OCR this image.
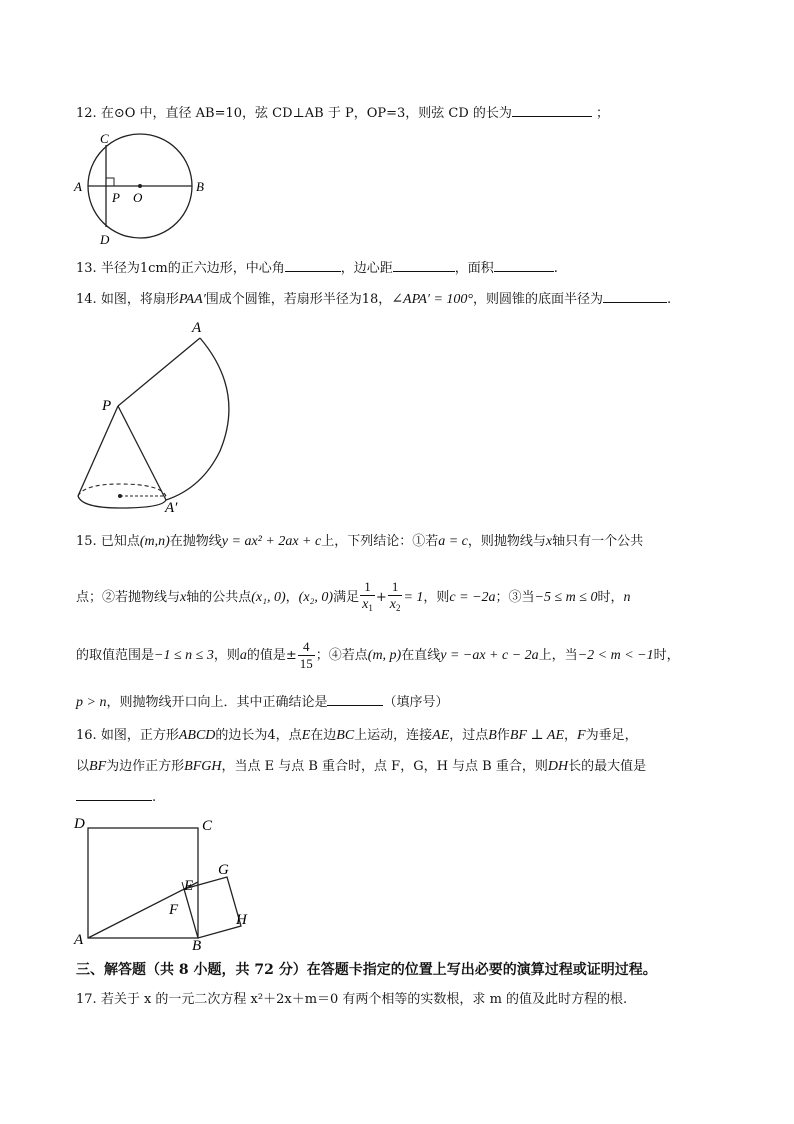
12. 在⊙O 中，直径 AB=10，弦 CD⊥AB 于 P，OP=3，则弦 CD 的长为	；
C
A
P O
B
D
13. 半径为1cm的正六边形，中心角	，边心距	，面积	.
14. 如图，将扇形PAA′围成个圆锥，若扇形半径为18，∠APA′ = 100°，则圆锥的底面半径为	.
A
P
A′
15. 已知点(m,n)在抛物线y = ax² + 2ax + c上，下列结论：①若a = c，则抛物线与x轴只有一个公共
点；②若抛物线与x轴的公共点(x₁, 0)，(x₂, 0)满足 $\frac{1}{x_1} + \frac{1}{x_2} = 1$，则c = −2a；③当−5 ≤ m ≤ 0时，n
的取值范围是−1 ≤ n ≤ 3，则a的值是± $\frac{4}{15}$ ；④若点(m, p)在直线y = −ax + c − 2a上，当−2 < m < −1时，
p > n，则抛物线开口向上．其中正确结论是	（填序号）
16. 如图，正方形ABCD的边长为4，点E在边BC上运动，连接AE，过点B作BF ⊥ AE，F为垂足，
以BF为边作正方形BFGH，当点 E 与点 B 重合时，点 F，G，H 与点 B 重合，则DH长的最大值是
.
D	C
G
E
F
H
A	B
三、解答题（共 8 小题，共 72 分）在答题卡指定的位置上写出必要的演算过程或证明过程。
17. 若关于 x 的一元二次方程 x²＋2x＋m＝0 有两个相等的实数根，求 m 的值及此时方程的根.
